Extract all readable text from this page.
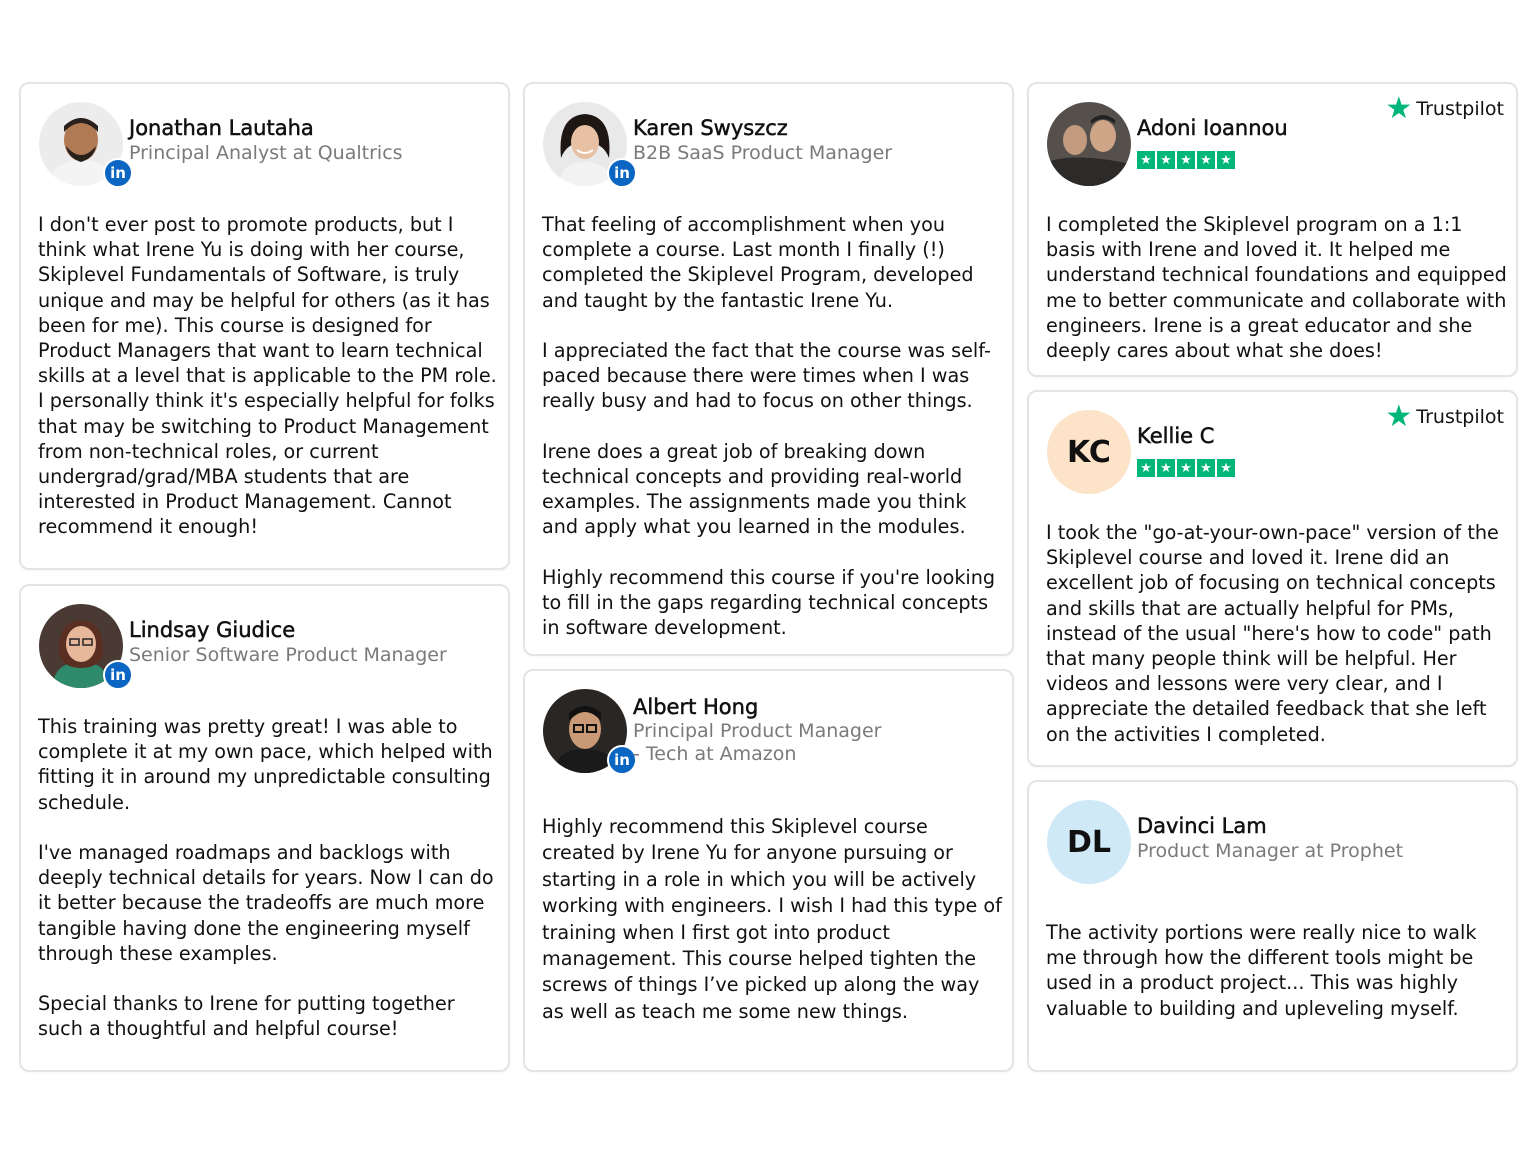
in
Jonathan Lautaha
Principal Analyst at Qualtrics

I don't ever post to promote products, but I think what Irene Yu is doing with her course, Skiplevel Fundamentals of Software, is truly unique and may be helpful for others (as it has been for me). This course is designed for Product Managers that want to learn technical skills at a level that is applicable to the PM role. I personally think it's especially helpful for folks that may be switching to Product Management from non-technical roles, or current undergrad/grad/MBA students that are interested in Product Management. Cannot recommend it enough!

in
Lindsay Giudice
Senior Software Product Manager

This training was pretty great! I was able to complete it at my own pace, which helped with fitting it in around my unpredictable consulting schedule.

I've managed roadmaps and backlogs with deeply technical details for years. Now I can do it better because the tradeoffs are much more tangible having done the engineering myself through these examples.

Special thanks to Irene for putting together such a thoughtful and helpful course!

in
Karen Swyszcz
B2B SaaS Product Manager

That feeling of accomplishment when you complete a course. Last month I finally (!) completed the Skiplevel Program, developed and taught by the fantastic Irene Yu.

I appreciated the fact that the course was self-paced because there were times when I was really busy and had to focus on other things.

Irene does a great job of breaking down technical concepts and providing real-world examples. The assignments made you think and apply what you learned in the modules.

Highly recommend this course if you're looking to fill in the gaps regarding technical concepts in software development.

in
Albert Hong
Principal Product Manager
- Tech at Amazon

Highly recommend this Skiplevel course created by Irene Yu for anyone pursuing or starting in a role in which you will be actively working with engineers. I wish I had this type of training when I first got into product management. This course helped tighten the screws of things I’ve picked up along the way as well as teach me some new things.

Adoni Ioannou
★ ★ ★ ★ ★
★ Trustpilot

I completed the Skiplevel program on a 1:1 basis with Irene and loved it. It helped me understand technical foundations and equipped me to better communicate and collaborate with engineers. Irene is a great educator and she deeply cares about what she does!

KC	Kellie C
★ ★ ★ ★ ★
★ Trustpilot

I took the "go-at-your-own-pace" version of the Skiplevel course and loved it. Irene did an excellent job of focusing on technical concepts and skills that are actually helpful for PMs, instead of the usual "here's how to code" path that many people think will be helpful. Her videos and lessons were very clear, and I appreciate the detailed feedback that she left on the activities I completed.

DL	Davinci Lam
Product Manager at Prophet

The activity portions were really nice to walk me through how the different tools might be used in a product project... This was highly valuable to building and upleveling myself.
